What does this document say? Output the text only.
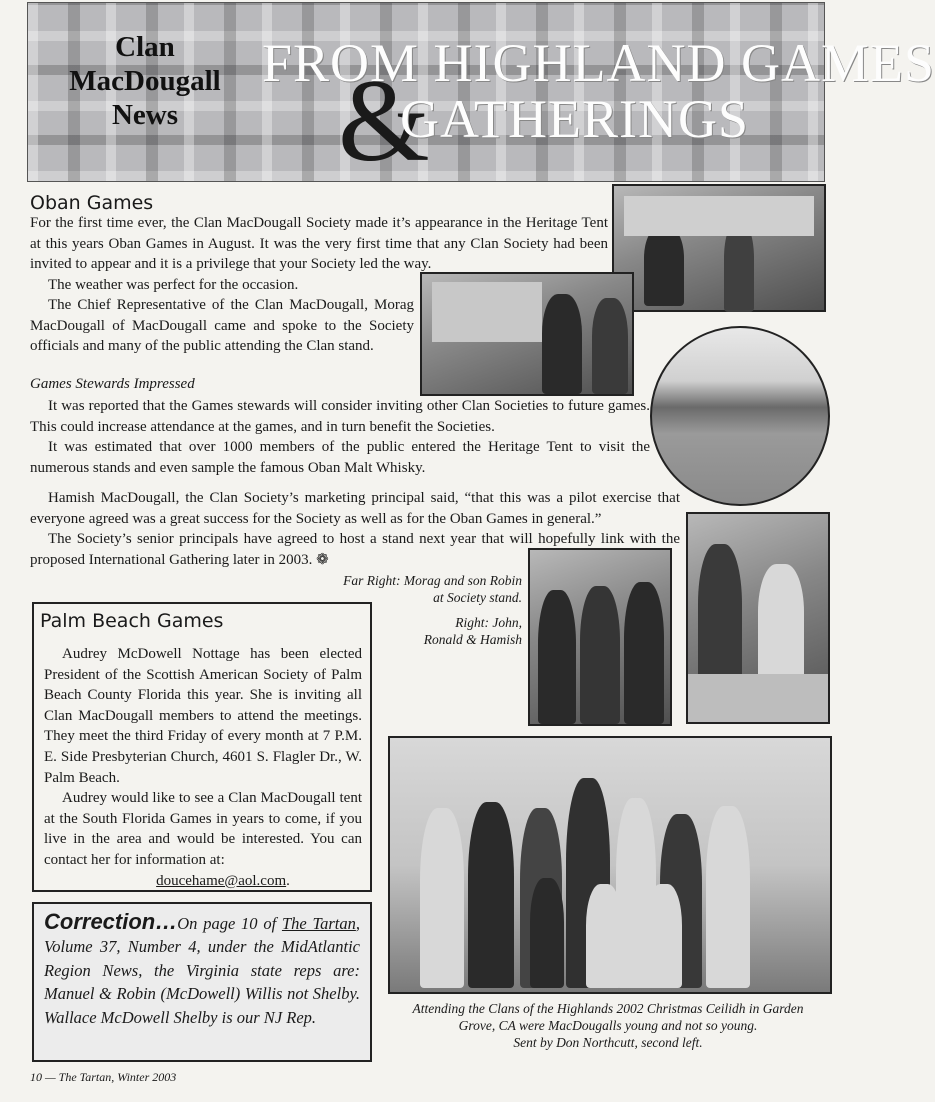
Clan
MacDougall
News
FROM HIGHLAND GAMES
&
GATHERINGS
Oban Games

For the first time ever, the Clan MacDougall Society made it’s appearance in the Heritage Tent at this years Oban Games in August. It was the very first time that any Clan Society had been invited to appear and it is a privilege that your Society led the way.

The weather was perfect for the occasion.

The Chief Representative of the Clan MacDougall, Morag MacDougall of MacDougall came and spoke to the Society officials and many of the public attending the Clan stand.

Games Stewards Impressed

It was reported that the Games stewards will consider inviting other Clan Societies to future games. This could increase attendance at the games, and in turn benefit the Societies.

It was estimated that over 1000 members of the public entered the Heritage Tent to visit the numerous stands and even sample the famous Oban Malt Whisky.

Hamish MacDougall, the Clan Society’s marketing principal said, “that this was a pilot exercise that everyone agreed was a great success for the Society as well as for the Oban Games in general.”

The Society’s senior principals have agreed to host a stand next year that will hopefully link with the proposed International Gathering later in 2003. ❁

Far Right: Morag and son Robin
at Society stand.
Right: John,
Ronald & Hamish
Palm Beach Games

Audrey McDowell Nottage has been elected President of the Scottish American Society of Palm Beach County Florida this year. She is inviting all Clan MacDougall members to attend the meetings. They meet the third Friday of every month at 7 P.M. E. Side Presbyterian Church, 4601 S. Flagler Dr., W. Palm Beach.

Audrey would like to see a Clan MacDougall tent at the South Florida Games in years to come, if you live in the area and would be interested. You can contact her for information at:

doucehame@aol.com.
Correction…On page 10 of The Tartan, Volume 37, Number 4, under the MidAtlantic Region News, the Virginia state reps are: Manuel & Robin (McDowell) Willis not Shelby. Wallace McDowell Shelby is our NJ Rep.	Attending the Clans of the Highlands 2002 Christmas Ceilidh in Garden
Grove, CA were MacDougalls young and not so young.
Sent by Don Northcutt, second left.
10 — The Tartan, Winter 2003
